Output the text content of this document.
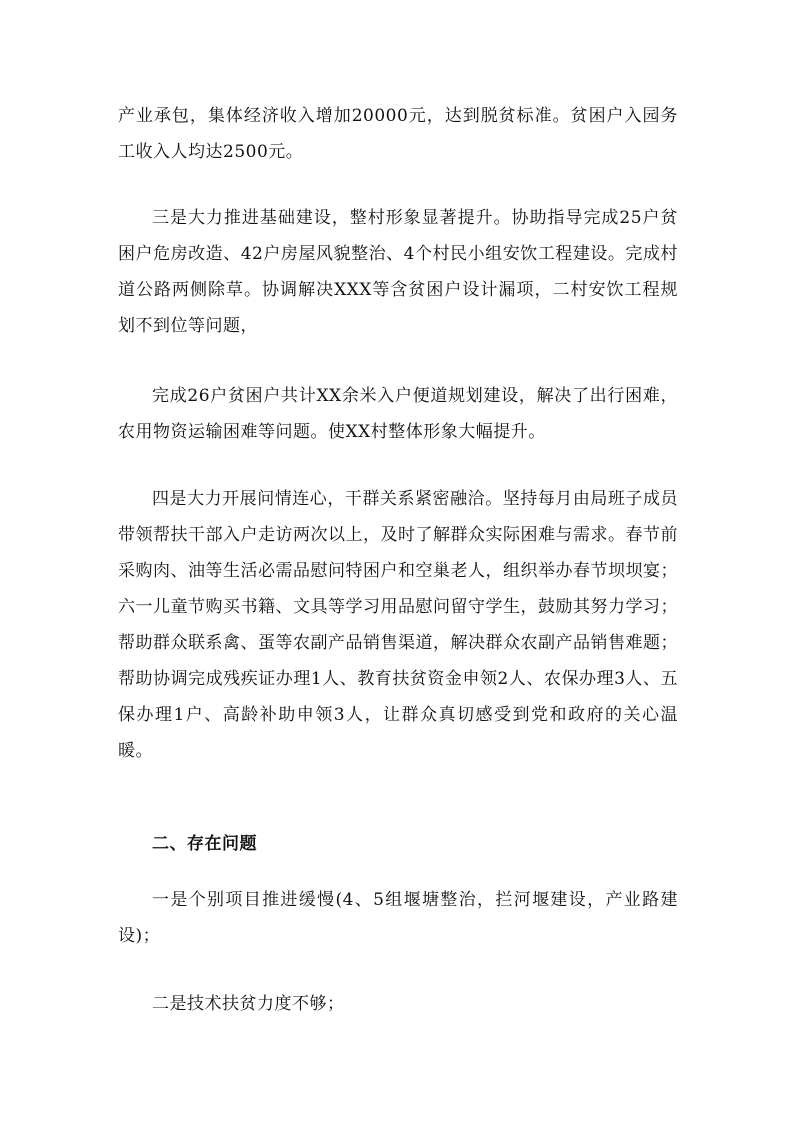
产业承包，集体经济收入增加20000元，达到脱贫标准。贫困户入园务工收入人均达2500元。

三是大力推进基础建设，整村形象显著提升。协助指导完成25户贫困户危房改造、42户房屋风貌整治、4个村民小组安饮工程建设。完成村道公路两侧除草。协调解决XXX等含贫困户设计漏项，二村安饮工程规划不到位等问题，

完成26户贫困户共计XX余米入户便道规划建设，解决了出行困难，农用物资运输困难等问题。使XX村整体形象大幅提升。

四是大力开展问情连心，干群关系紧密融洽。坚持每月由局班子成员带领帮扶干部入户走访两次以上，及时了解群众实际困难与需求。春节前采购肉、油等生活必需品慰问特困户和空巢老人，组织举办春节坝坝宴；六一儿童节购买书籍、文具等学习用品慰问留守学生，鼓励其努力学习；帮助群众联系禽、蛋等农副产品销售渠道，解决群众农副产品销售难题；帮助协调完成残疾证办理1人、教育扶贫资金申领2人、农保办理3人、五保办理1户、高龄补助申领3人，让群众真切感受到党和政府的关心温暖。

二、存在问题

一是个别项目推进缓慢(4、5组堰塘整治，拦河堰建设，产业路建设)；

二是技术扶贫力度不够；
